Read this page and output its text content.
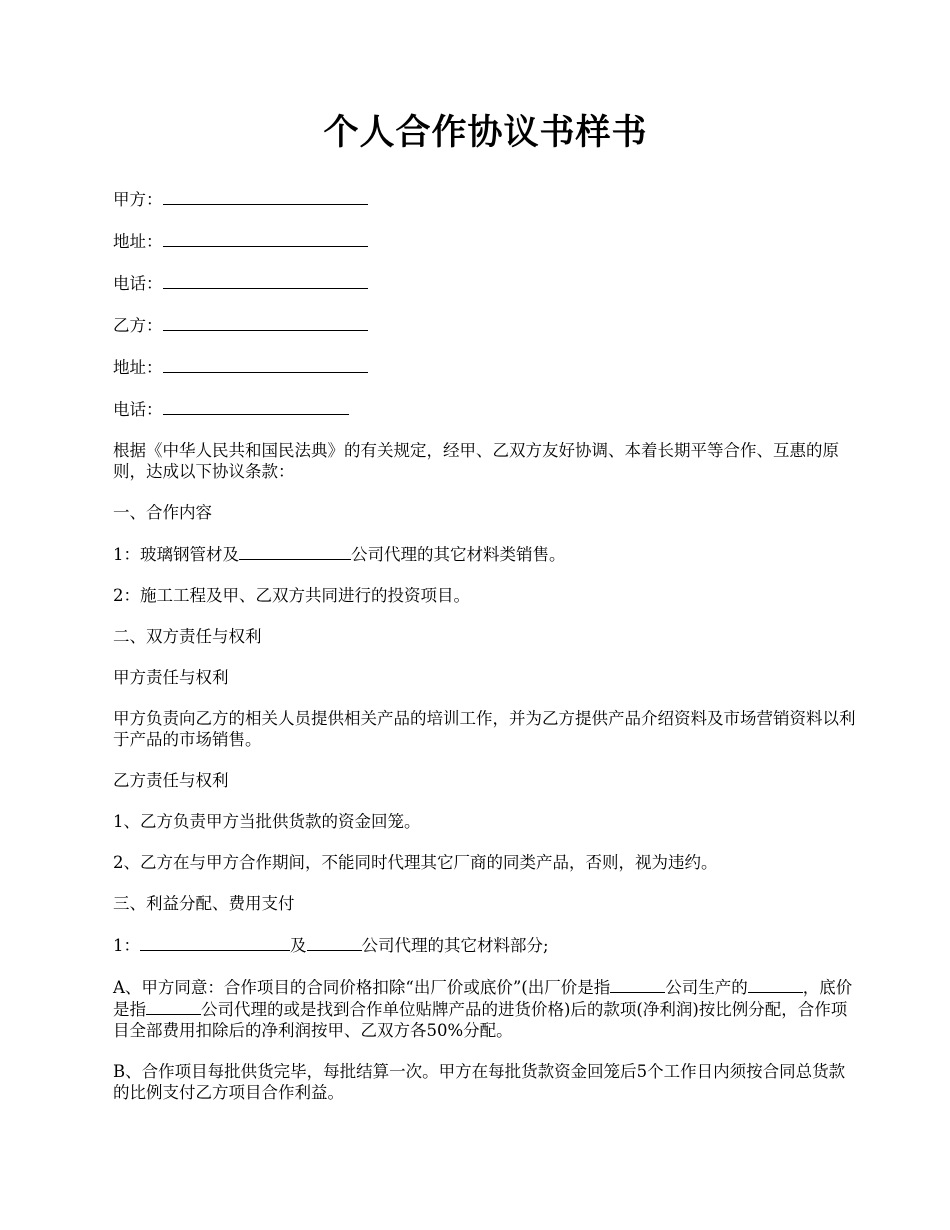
个人合作协议书样书

甲方：

地址：

电话：

乙方：

地址：

电话：

根据《中华人民共和国民法典》的有关规定，经甲、乙双方友好协调、本着长期平等合作、互惠的原则，达成以下协议条款：

一、合作内容

1：玻璃钢管材及	公司代理的其它材料类销售。

2：施工工程及甲、乙双方共同进行的投资项目。

二、双方责任与权利

甲方责任与权利

甲方负责向乙方的相关人员提供相关产品的培训工作，并为乙方提供产品介绍资料及市场营销资料以利于产品的市场销售。

乙方责任与权利

1、乙方负责甲方当批供货款的资金回笼。

2、乙方在与甲方合作期间，不能同时代理其它厂商的同类产品，否则，视为违约。

三、利益分配、费用支付

1：	及	公司代理的其它材料部分;

A、甲方同意：合作项目的合同价格扣除“出厂价或底价”(出厂价是指	公司生产的	，底价是指	公司代理的或是找到合作单位贴牌产品的进货价格)后的款项(净利润)按比例分配，合作项目全部费用扣除后的净利润按甲、乙双方各50%分配。

B、合作项目每批供货完毕，每批结算一次。甲方在每批货款资金回笼后5个工作日内须按合同总货款的比例支付乙方项目合作利益。
